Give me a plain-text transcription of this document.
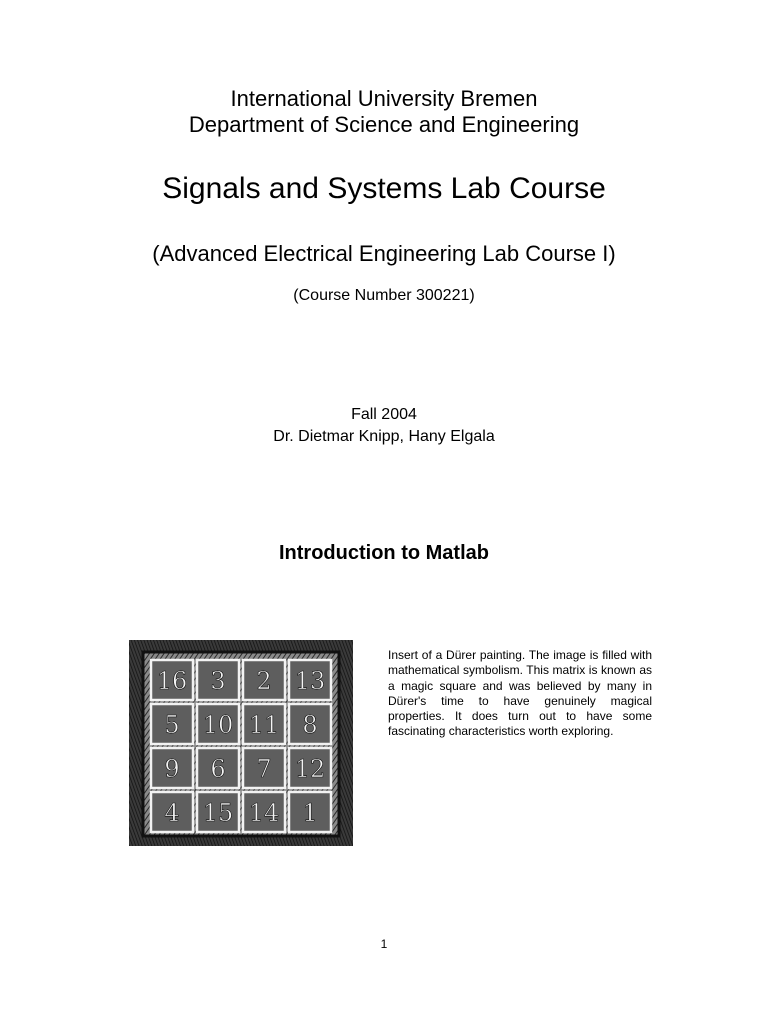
International University Bremen
Department of Science and Engineering
Signals and Systems Lab Course
(Advanced Electrical Engineering Lab Course I)
(Course Number 300221)
Fall 2004
Dr. Dietmar Knipp, Hany Elgala
Introduction to Matlab
16 3 2 13
5 10 11 8
9 6 7 12
4 15 14 1
Insert of a Dürer painting. The image is filled with mathematical symbolism. This matrix is known as a magic square and was believed by many in Dürer's time to have genuinely magical properties. It does turn out to have some fascinating characteristics worth exploring.
1
